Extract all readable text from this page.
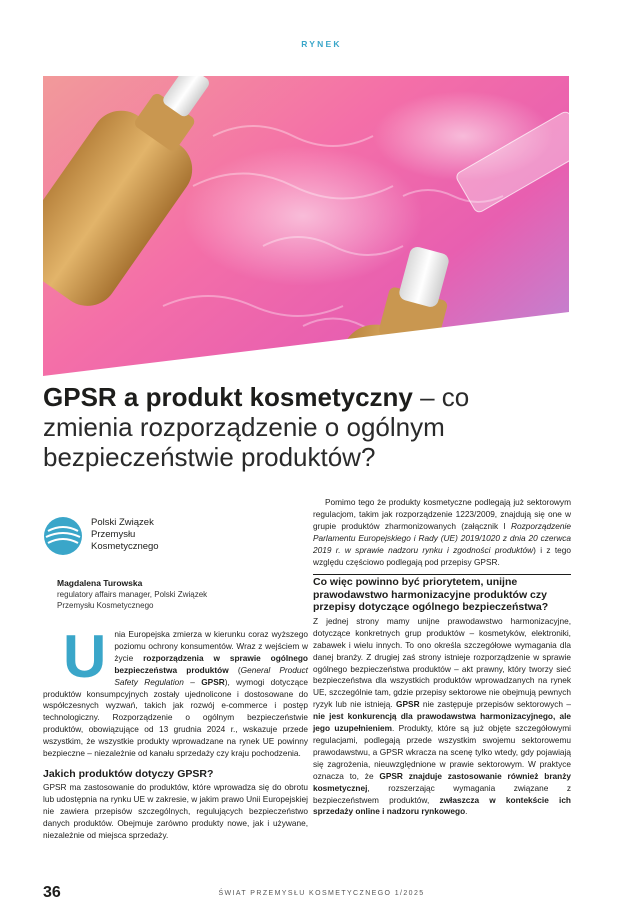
RYNEK
GPSR a produkt kosmetyczny – co zmienia rozporządzenie o ogólnym bezpieczeństwie produktów?
Polski Związek
Przemysłu
Kosmetycznego
Magdalena Turowska
regulatory affairs manager, Polski Związek
Przemysłu Kosmetycznego

Unia Europejska zmierza w kierunku coraz wyższego poziomu ochrony konsumentów. Wraz z wejściem w życie rozporządzenia w sprawie ogólnego bezpieczeństwa produktów (General Product Safety Regulation – GPSR), wymogi dotyczące produktów konsumpcyjnych zostały ujednolicone i dostosowane do współczesnych wyzwań, takich jak rozwój e-commerce i postęp technologiczny. Rozporządzenie o ogólnym bezpieczeństwie produktów, obowiązujące od 13 grudnia 2024 r., wskazuje przede wszystkim, że wszystkie produkty wprowadzane na rynek UE powinny bezpieczne – niezależnie od kanału sprzedaży czy kraju pochodzenia.

Jakich produktów dotyczy GPSR?

GPSR ma zastosowanie do produktów, które wprowadza się do obrotu lub udostępnia na rynku UE w zakresie, w jakim prawo Unii Europejskiej nie zawiera przepisów szczególnych, regulujących bezpieczeństwo danych produktów. Obejmuje zarówno produkty nowe, jak i używane, niezależnie od miejsca sprzedaży.

Pomimo tego że produkty kosmetyczne podlegają już sektorowym regulacjom, takim jak rozporządzenie 1223/2009, znajdują się one w grupie produktów zharmonizowanych (załącznik I Rozporządzenie Parlamentu Europejskiego i Rady (UE) 2019/1020 z dnia 20 czerwca 2019 r. w sprawie nadzoru rynku i zgodności produktów) i z tego względu częściowo podlegają pod przepisy GPSR.

Co więc powinno być priorytetem, unijne prawodawstwo harmonizacyjne produktów czy przepisy dotyczące ogólnego bezpieczeństwa?

Z jednej strony mamy unijne prawodawstwo harmonizacyjne, dotyczące konkretnych grup produktów – kosmetyków, elektroniki, zabawek i wielu innych. To ono określa szczegółowe wymagania dla danej branży. Z drugiej zaś strony istnieje rozporządzenie w sprawie ogólnego bezpieczeństwa produktów – akt prawny, który tworzy sieć bezpieczeństwa dla wszystkich produktów wprowadzanych na rynek UE, szczególnie tam, gdzie przepisy sektorowe nie obejmują pewnych ryzyk lub nie istnieją. GPSR nie zastępuje przepisów sektorowych – nie jest konkurencją dla prawodawstwa harmonizacyjnego, ale jego uzupełnieniem. Produkty, które są już objęte szczegółowymi regulacjami, podlegają przede wszystkim swojemu sektorowemu prawodawstwu, a GPSR wkracza na scenę tylko wtedy, gdy pojawiają się zagrożenia, nieuwzględnione w prawie sektorowym. W praktyce oznacza to, że GPSR znajduje zastosowanie również branży kosmetycznej, rozszerzając wymagania związane z bezpieczeństwem produktów, zwłaszcza w kontekście ich sprzedaży online i nadzoru rynkowego.

36	ŚWIAT PRZEMYSŁU KOSMETYCZNEGO 1/2025
